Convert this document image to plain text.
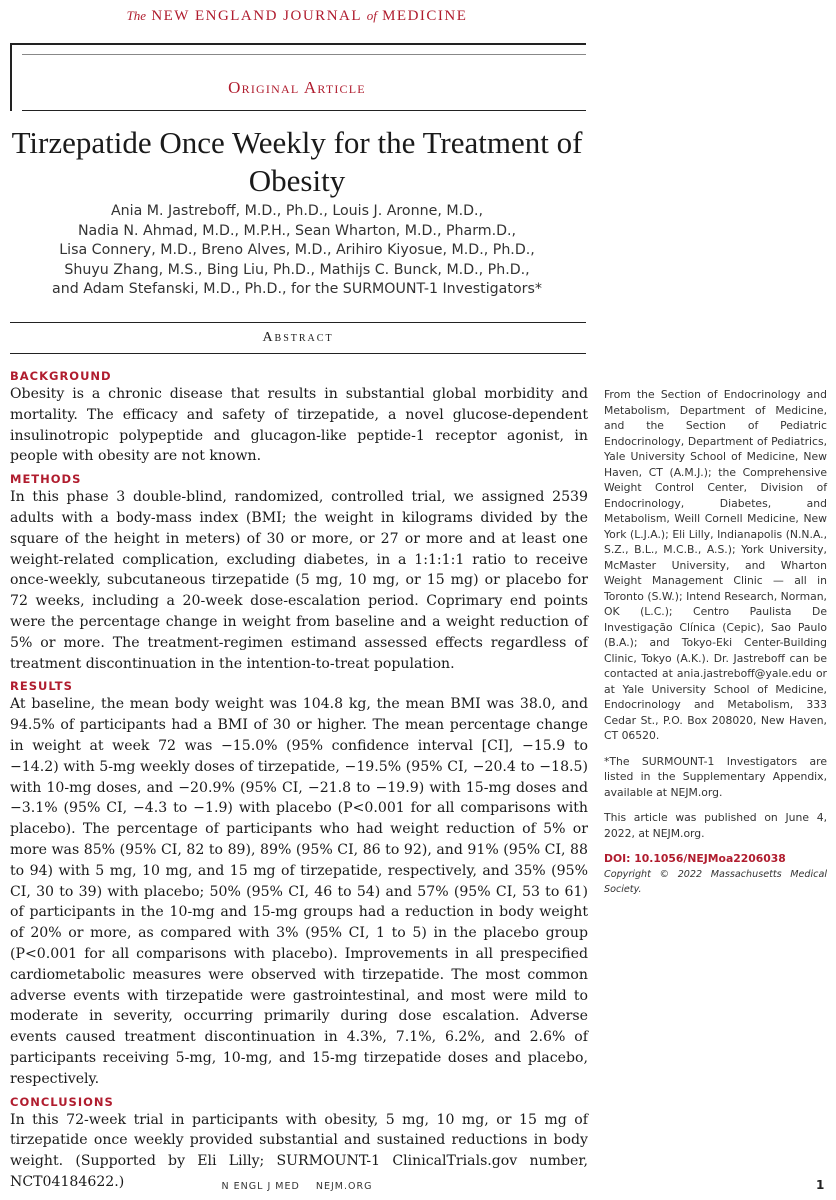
The NEW ENGLAND JOURNAL of MEDICINE
Original Article
Tirzepatide Once Weekly for the Treatment of Obesity
Ania M. Jastreboff, M.D., Ph.D., Louis J. Aronne, M.D.,
Nadia N. Ahmad, M.D., M.P.H., Sean Wharton, M.D., Pharm.D.,
Lisa Connery, M.D., Breno Alves, M.D., Arihiro Kiyosue, M.D., Ph.D.,
Shuyu Zhang, M.S., Bing Liu, Ph.D., Mathijs C. Bunck, M.D., Ph.D.,
and Adam Stefanski, M.D., Ph.D., for the SURMOUNT-1 Investigators*
Abstract
BACKGROUND

Obesity is a chronic disease that results in substantial global morbidity and mortality. The efficacy and safety of tirzepatide, a novel glucose-dependent insulinotropic polypeptide and glucagon-like peptide-1 receptor agonist, in people with obesity are not known.

METHODS

In this phase 3 double-blind, randomized, controlled trial, we assigned 2539 adults with a body-mass index (BMI; the weight in kilograms divided by the square of the height in meters) of 30 or more, or 27 or more and at least one weight-related complication, excluding diabetes, in a 1:1:1:1 ratio to receive once-weekly, subcutaneous tirzepatide (5 mg, 10 mg, or 15 mg) or placebo for 72 weeks, including a 20-week dose-escalation period. Coprimary end points were the percentage change in weight from baseline and a weight reduction of 5% or more. The treatment-regimen estimand assessed effects regardless of treatment discontinuation in the intention-to-treat population.

RESULTS

At baseline, the mean body weight was 104.8 kg, the mean BMI was 38.0, and 94.5% of participants had a BMI of 30 or higher. The mean percentage change in weight at week 72 was −15.0% (95% confidence interval [CI], −15.9 to −14.2) with 5-mg weekly doses of tirzepatide, −19.5% (95% CI, −20.4 to −18.5) with 10-mg doses, and −20.9% (95% CI, −21.8 to −19.9) with 15-mg doses and −3.1% (95% CI, −4.3 to −1.9) with placebo (P<0.001 for all comparisons with placebo). The percentage of participants who had weight reduction of 5% or more was 85% (95% CI, 82 to 89), 89% (95% CI, 86 to 92), and 91% (95% CI, 88 to 94) with 5 mg, 10 mg, and 15 mg of tirzepatide, respectively, and 35% (95% CI, 30 to 39) with placebo; 50% (95% CI, 46 to 54) and 57% (95% CI, 53 to 61) of participants in the 10-mg and 15-mg groups had a reduction in body weight of 20% or more, as compared with 3% (95% CI, 1 to 5) in the placebo group (P<0.001 for all comparisons with placebo). Improvements in all prespecified cardiometabolic measures were observed with tirzepatide. The most common adverse events with tirzepatide were gastrointestinal, and most were mild to moderate in severity, occurring primarily during dose escalation. Adverse events caused treatment discontinuation in 4.3%, 7.1%, 6.2%, and 2.6% of participants receiving 5-mg, 10-mg, and 15-mg tirzepatide doses and placebo, respectively.

CONCLUSIONS

In this 72-week trial in participants with obesity, 5 mg, 10 mg, or 15 mg of tirzepatide once weekly provided substantial and sustained reductions in body weight. (Supported by Eli Lilly; SURMOUNT-1 ClinicalTrials.gov number, NCT04184622.)

From the Section of Endocrinology and Metabolism, Department of Medicine, and the Section of Pediatric Endocrinology, Department of Pediatrics, Yale University School of Medicine, New Haven, CT (A.M.J.); the Comprehensive Weight Control Center, Division of Endocrinology, Diabetes, and Metabolism, Weill Cornell Medicine, New York (L.J.A.); Eli Lilly, Indianapolis (N.N.A., S.Z., B.L., M.C.B., A.S.); York University, McMaster University, and Wharton Weight Management Clinic — all in Toronto (S.W.); Intend Research, Norman, OK (L.C.); Centro Paulista De Investigação Clínica (Cepic), Sao Paulo (B.A.); and Tokyo-Eki Center-Building Clinic, Tokyo (A.K.). Dr. Jastreboff can be contacted at ania.jastreboff@yale.edu or at Yale University School of Medicine, Endocrinology and Metabolism, 333 Cedar St., P.O. Box 208020, New Haven, CT 06520.

*The SURMOUNT-1 Investigators are listed in the Supplementary Appendix, available at NEJM.org.

This article was published on June 4, 2022, at NEJM.org.

DOI: 10.1056/NEJMoa2206038

Copyright © 2022 Massachusetts Medical Society.

N ENGL J MED    NEJM.ORG	1
